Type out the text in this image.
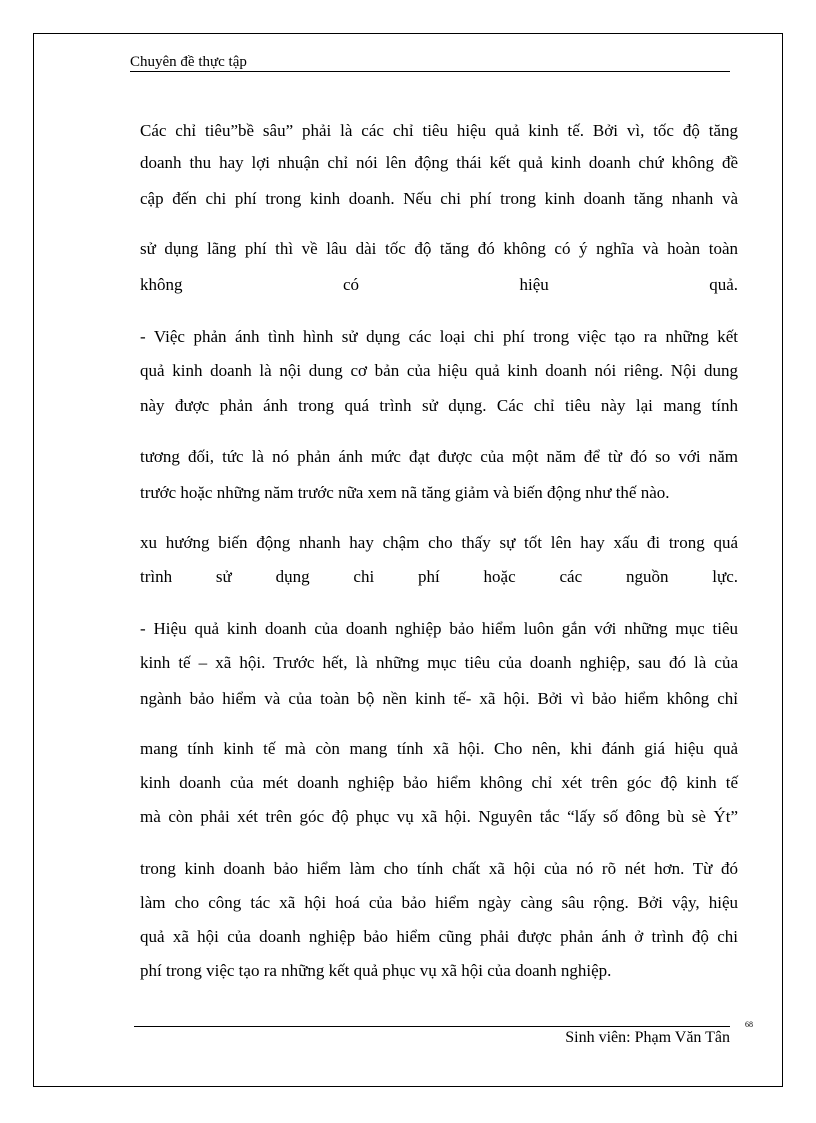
Chuyên đề thực tập
Các chỉ tiêu”bề sâu” phải là các chỉ tiêu hiệu quả kinh tế. Bởi vì, tốc độ tăng
doanh thu hay lợi nhuận chỉ nói lên động thái kết quả kinh doanh chứ không đề
cập đến chi phí trong kinh doanh. Nếu chi phí trong kinh doanh tăng nhanh và
sử dụng lãng phí thì về lâu dài tốc độ tăng đó không có ý nghĩa và hoàn toàn
không có hiệu quả.
- Việc phản ánh tình hình sử dụng các loại chi phí trong việc tạo ra những kết
quả kinh doanh là nội dung cơ bản của hiệu quả kinh doanh nói riêng. Nội dung
này được phản ánh trong quá trình sử dụng. Các chỉ tiêu này lại mang tính
tương đối, tức là nó phản ánh mức đạt được của một năm để từ đó so với năm
trước hoặc những năm trước nữa xem nã tăng giảm và biến động như thế nào.
xu hướng biến động nhanh hay chậm cho thấy sự tốt lên hay xấu đi trong quá
trình sử dụng chi phí hoặc các nguồn lực.
- Hiệu quả kinh doanh của doanh nghiệp bảo hiểm luôn gắn với những mục tiêu
kinh tế – xã hội. Trước hết, là những mục tiêu của doanh nghiệp, sau đó là của
ngành bảo hiểm và của toàn bộ nền kinh tế- xã hội. Bởi vì bảo hiểm không chỉ
mang tính kinh tế mà còn mang tính xã hội. Cho nên, khi đánh giá hiệu quả
kinh doanh của mét doanh nghiệp bảo hiểm không chỉ xét trên góc độ kinh tế
mà còn phải xét trên góc độ phục vụ xã hội. Nguyên tắc “lấy số đông bù sè Ýt”
trong kinh doanh bảo hiểm làm cho tính chất xã hội của nó rõ nét hơn. Từ đó
làm cho công tác xã hội hoá của bảo hiểm ngày càng sâu rộng. Bởi vậy, hiệu
quả xã hội của doanh nghiệp bảo hiểm cũng phải được phản ánh ở trình độ chi
phí trong việc tạo ra những kết quả phục vụ xã hội của doanh nghiệp.
68
Sinh viên: Phạm Văn Tân
